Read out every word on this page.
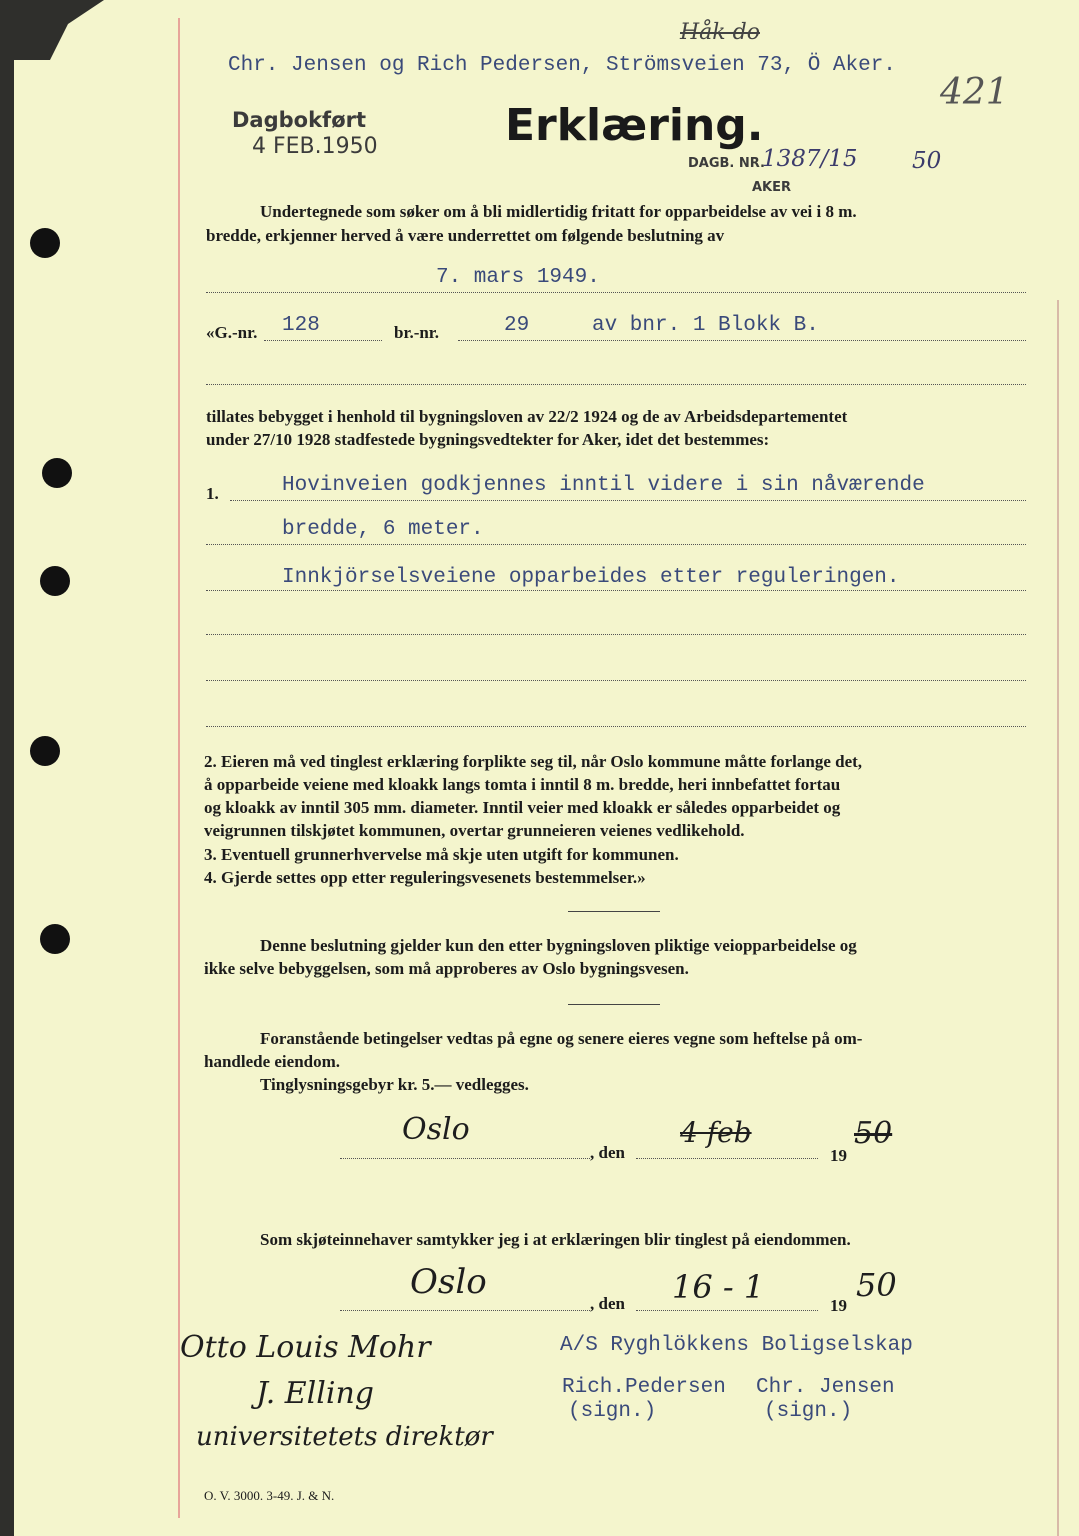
Chr. Jensen og Rich Pedersen, Strömsveien 73, Ö Aker.
421
Håk do
Dagbokført
4 FEB.1950	Erklæring.
DAGB. NR.
1387/15 50
AKER
Undertegnede som søker om å bli midlertidig fritatt for opparbeidelse av vei i 8 m.
bredde, erkjenner herved å være underrettet om følgende beslutning av
7. mars 1949.
«G.-nr. 128	br.-nr.	29	av bnr. 1 Blokk B.
tillates bebygget i henhold til bygningsloven av 22/2 1924 og de av Arbeidsdepartementet
under 27/10 1928 stadfestede bygningsvedtekter for Aker, idet det bestemmes:
1.	Hovinveien godkjennes inntil videre i sin nåværende
bredde, 6 meter.
Innkjörselsveiene opparbeides etter reguleringen.
2. Eieren må ved tinglest erklæring forplikte seg til, når Oslo kommune måtte forlange det,
å opparbeide veiene med kloakk langs tomta i inntil 8 m. bredde, heri innbefattet fortau
og kloakk av inntil 305 mm. diameter. Inntil veier med kloakk er således opparbeidet og
veigrunnen tilskjøtet kommunen, overtar grunneieren veienes vedlikehold.
3. Eventuell grunnerhvervelse må skje uten utgift for kommunen.
4. Gjerde settes opp etter reguleringsvesenets bestemmelser.»
Denne beslutning gjelder kun den etter bygningsloven pliktige veiopparbeidelse og
ikke selve bebyggelsen, som må approberes av Oslo bygningsvesen.
Foranstående betingelser vedtas på egne og senere eieres vegne som heftelse på om-
handlede eiendom.
Tinglysningsgebyr kr. 5.— vedlegges.
Oslo
, den
4 feb
19
50
Som skjøteinnehaver samtykker jeg i at erklæringen blir tinglest på eiendommen.
Oslo
, den 16 - 1	19
50
Otto Louis Mohr
J. Elling
universitetets direktør
A/S Ryghlökkens Boligselskap
Rich.Pedersen
(sign.)
Chr. Jensen
(sign.)
O. V. 3000. 3-49. J. & N.
